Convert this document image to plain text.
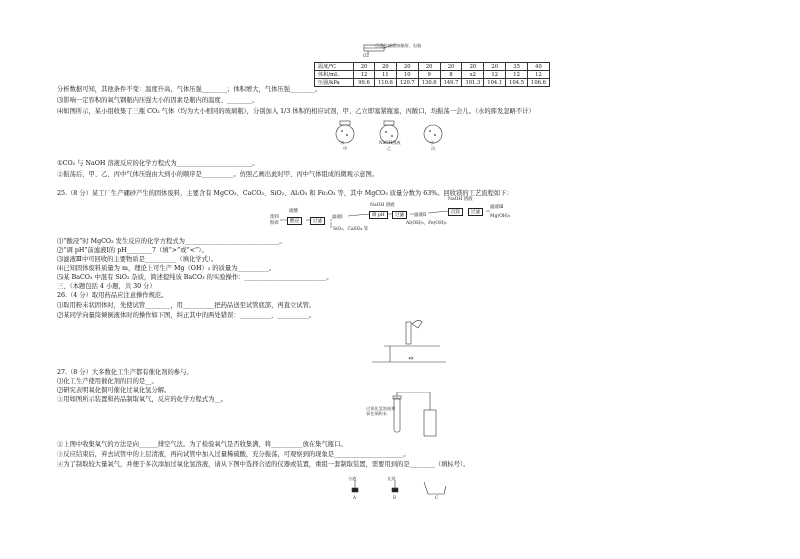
一压强传感器接触屏、电脑
O2
温度/℃	20	20	20	20	20	20	20	35	40
体积/mL	12	11	10	9	8	x2	12	12	12
压强/kPa	99.6	110.6	120.7	130.6	149.7	101.3	104.1	104.5	106.6
分析数据可知，其他条件不变：温度升高，气体压强________；体积增大，气体压强________。
⑶影响一定容积的氧气钢瓶内压强大小的因素是瓶内的温度、________。
⑷如图所示，某小组收集了三瓶 CO₂ 气体（均为大小相同的玻璃瓶），分别加入 1/3 体积的相应试剂，甲、乙立即塞紧瓶塞，丙敞口，均振荡一会儿。（水的挥发忽略不计）
水	NaOH溶液	水
甲	乙	丙
①CO₂ 与 NaOH 溶液反应的化学方程式为________________________。
②振荡后，甲、乙、丙中气体压强由大到小的顺序是__________。仿照乙画出此时甲、丙中气体组成的微观示意图。
25.（8 分）某工厂生产硼砂产生的固体废料，主要含有 MgCO₃、CaCO₃、SiO₂、Al₂O₃ 和 Fe₂O₃ 等，其中 MgCO₃ 质量分数为 63%。回收镁的工艺流程如下：
废料
粉碎
硫酸
酸浸	过滤
滤液Ⅰ
SiO₂，CaSO₄ 等
NaOH 溶液
调 pH	过滤	滤液Ⅱ
Al(OH)₃，Fe(OH)₃
NaOH 溶液
沉镁	过滤
滤液Ⅲ
Mg(OH)₂
⑴“酸浸”时 MgCO₃ 发生反应的化学方程式为______________________________。
⑵“调 pH”前滤液Ⅰ的 pH________7（填“>”或“<”）。
⑶滤液Ⅲ中可回收的主要物质是__________（填化学式）。
⑷已知固体废料质量为 m，理论上可生产 Mg（OH）₂ 的质量为__________。
⑸某 BaCO₃ 中混有 SiO₂ 杂质，简述提纯该 BaCO₃ 的实验操作：__________________________。
三、（本题包括 4 小题，共 30 分）
26.（4 分）取用药品应注意操作规范。
⑴取用粉末状固体时，先使试管________，用__________把药品送至试管底部，再直立试管。
⑵某同学向量筒倾倒液体时的操作如下图，纠正其中的两处错误：__________，__________。
27.（8 分）大多数化工生产都有催化剂的参与。
⑴化工生产使用催化剂的目的是__。
⑵研究表明氧化铜可催化过氧化氢分解。
①用如图所示装置和药品制取氧气，反应的化学方程式为__。
过氧化氢溶液和氧化铜粉末
②上图中收集氧气的方法是向______排空气法。为了检验氧气是否收集满，将__________放在集气瓶口。
③反应结束后，弃去试管中的上层清液，再向试管中加入过量稀硫酸，充分振荡，可观察到的现象是______________________。
④为了制取较大量氧气，并便于多次添加过氧化氢溶液，请从下图中选择合适的仪器或装置，重组一套制取装置，需要用到的是________（填标号）。
分液	长颈
A	B	C
